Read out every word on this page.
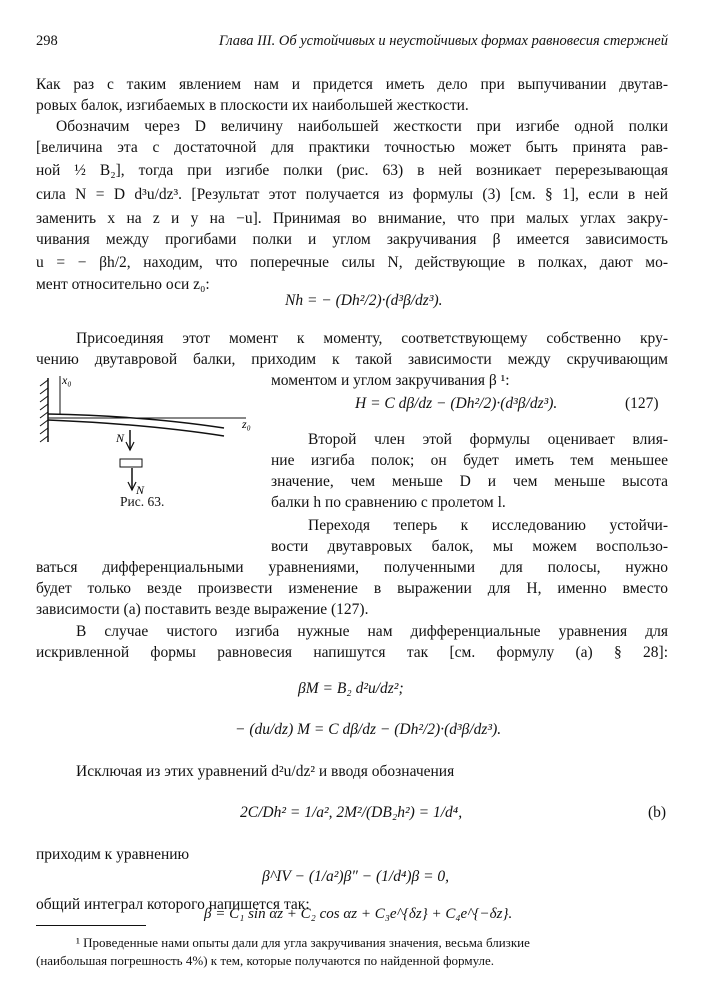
298	Глава III. Об устойчивых и неустойчивых формах равновесия стержней
Как раз с таким явлением нам и придется иметь дело при выпучивании двутав-
ровых балок, изгибаемых в плоскости их наибольшей жесткости.
Обозначим через D величину наибольшей жесткости при изгибе одной полки
[величина эта с достаточной для практики точностью может быть принята рав-
ной ½ B₂], тогда при изгибе полки (рис. 63) в ней возникает перерезывающая
сила N = D d³u/dz³. [Результат этот получается из формулы (3) [см. § 1], если в ней
заменить x на z и y на −u]. Принимая во внимание, что при малых углах закру-
чивания между прогибами полки и углом закручивания β имеется зависимость
u = − βh/2, находим, что поперечные силы N, действующие в полках, дают мо-
мент относительно оси z₀:
Nh = − (Dh²/2)·(d³β/dz³).
Присоединяя этот момент к моменту, соответствующему собственно кру-
чению двутавровой балки, приходим к такой зависимости между скручивающим
моментом и углом закручивания β ¹:
x₀
z₀
N
N
Рис. 63.
H = C dβ/dz − (Dh²/2)·(d³β/dz³).	(127)
Второй член этой формулы оценивает влия-
ние изгиба полок; он будет иметь тем меньшее
значение, чем меньше D и чем меньше высота
балки h по сравнению с пролетом l.
Переходя теперь к исследованию устойчи-
вости двутавровых балок, мы можем воспользо-
ваться дифференциальными уравнениями, полученными для полосы, нужно
будет только везде произвести изменение в выражении для H, именно вместо
зависимости (а) поставить везде выражение (127).
В случае чистого изгиба нужные нам дифференциальные уравнения для
искривленной формы равновесия напишутся так [см. формулу (а) § 28]:
βM = B₂ d²u/dz²;
− (du/dz) M = C dβ/dz − (Dh²/2)·(d³β/dz³).
Исключая из этих уравнений d²u/dz² и вводя обозначения
2C/Dh² = 1/a², 2M²/(DB₂h²) = 1/d⁴,	(b)
приходим к уравнению
β^IV − (1/a²)β″ − (1/d⁴)β = 0,
общий интеграл которого напишется так:
β = C₁ sin αz + C₂ cos αz + C₃e^{δz} + C₄e^{−δz}.
¹ Проведенные нами опыты дали для угла закручивания значения, весьма близкие
(наибольшая погрешность 4%) к тем, которые получаются по найденной формуле.
